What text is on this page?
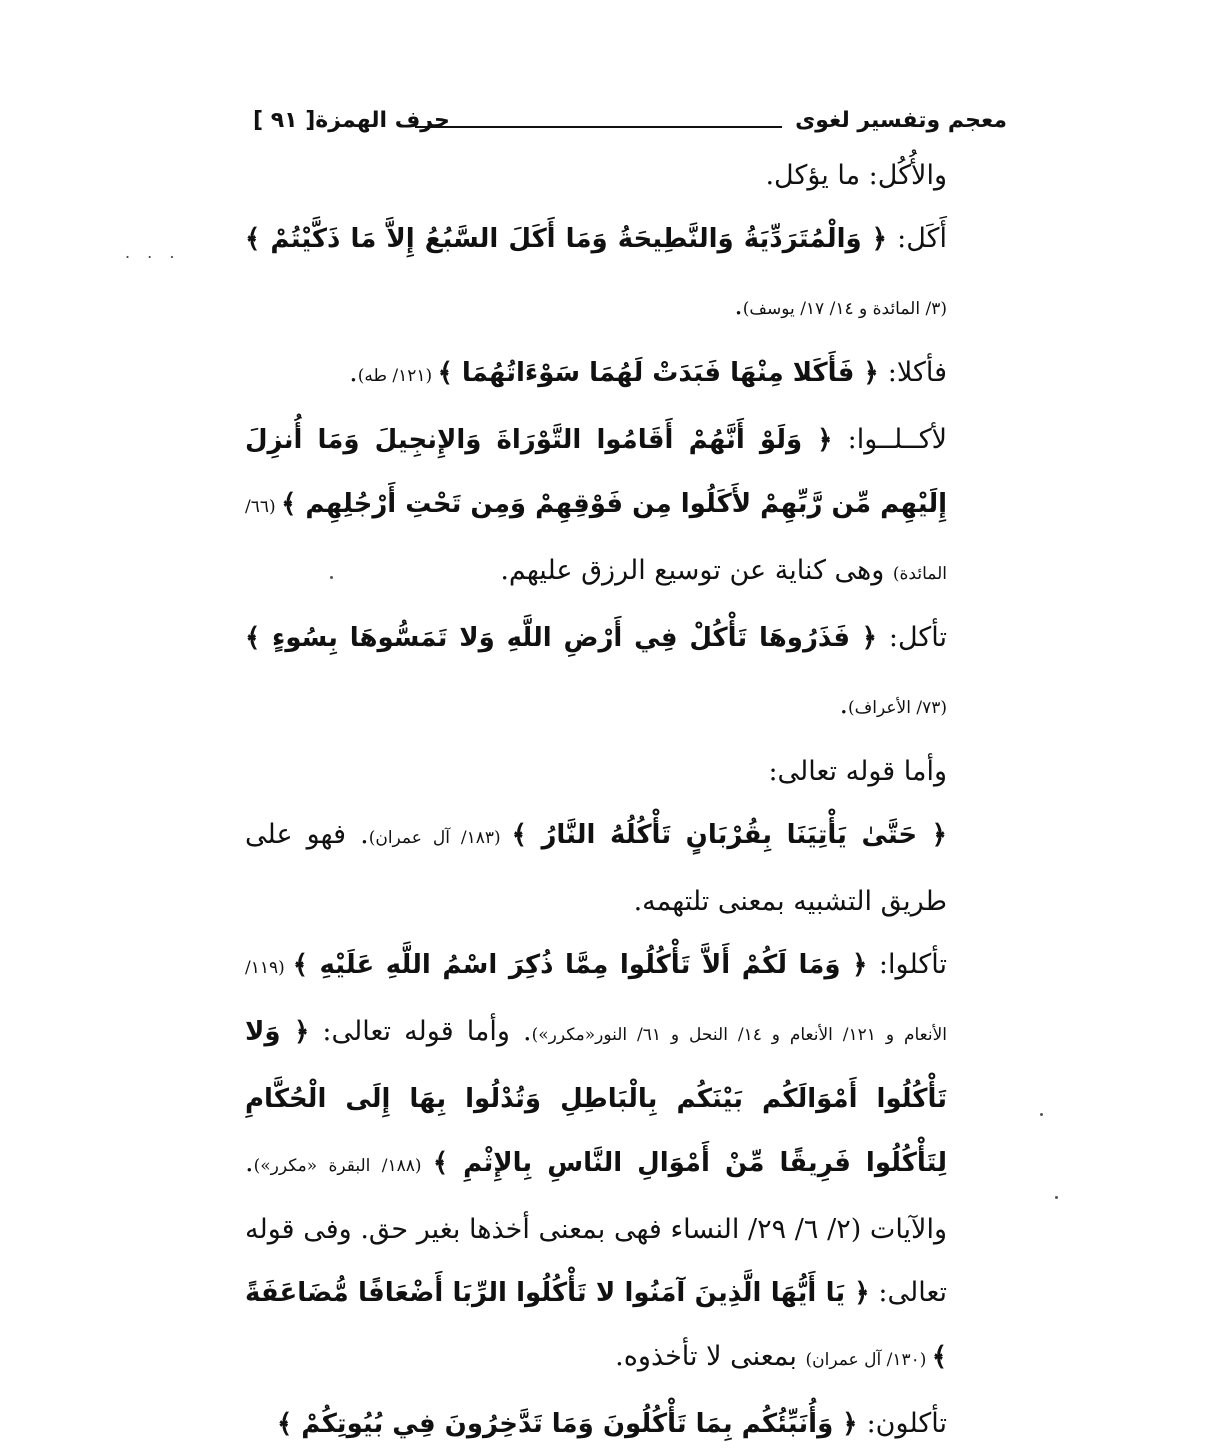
. . .
معجم وتفسير لغوى
حرف الهمزة[ ٩١ ]

والأُكُل: ما يؤكل.

أَكَل: ﴿ وَالْمُتَرَدِّيَةُ وَالنَّطِيحَةُ وَمَا أَكَلَ السَّبُعُ إِلاَّ مَا ذَكَّيْتُمْ ﴾ (٣/ المائدة و ١٤/ ١٧/ يوسف).

فأكلا: ﴿ فَأَكَلا مِنْهَا فَبَدَتْ لَهُمَا سَوْءَاتُهُمَا ﴾ (١٢١/ طه).

لأكــلــوا: ﴿ وَلَوْ أَنَّهُمْ أَقَامُوا التَّوْرَاةَ وَالإِنجِيلَ وَمَا أُنزِلَ إِلَيْهِم مِّن رَّبِّهِمْ لأَكَلُوا مِن فَوْقِهِمْ وَمِن تَحْتِ أَرْجُلِهِم ﴾ (٦٦/ المائدة) وهى كناية عن توسيع الرزق عليهم.

تأكل: ﴿ فَذَرُوهَا تَأْكُلْ فِي أَرْضِ اللَّهِ وَلا تَمَسُّوهَا بِسُوءٍ ﴾ (٧٣/ الأعراف).

وأما قوله تعالى:

﴿ حَتَّىٰ يَأْتِيَنَا بِقُرْبَانٍ تَأْكُلُهُ النَّارُ ﴾ (١٨٣/ آل عمران). فهو على طريق التشبيه بمعنى تلتهمه.

تأكلوا: ﴿ وَمَا لَكُمْ أَلاَّ تَأْكُلُوا مِمَّا ذُكِرَ اسْمُ اللَّهِ عَلَيْهِ ﴾ (١١٩/ الأنعام و ١٢١/ الأنعام و ١٤/ النحل و ٦١/ النور«مكرر»). وأما قوله تعالى: ﴿ وَلا تَأْكُلُوا أَمْوَالَكُم بَيْنَكُم بِالْبَاطِلِ وَتُدْلُوا بِهَا إِلَى الْحُكَّامِ لِتَأْكُلُوا فَرِيقًا مِّنْ أَمْوَالِ النَّاسِ بِالإِثْمِ ﴾ (١٨٨/ البقرة «مكرر»). والآيات (٢/ ٦/ ٢٩/ النساء فهى بمعنى أخذها بغير حق. وفى قوله تعالى: ﴿ يَا أَيُّهَا الَّذِينَ آمَنُوا لا تَأْكُلُوا الرِّبَا أَضْعَافًا مُّضَاعَفَةً ﴾ (١٣٠/ آل عمران) بمعنى لا تأخذوه.

تأكلون: ﴿ وَأُنَبِّئُكُم بِمَا تَأْكُلُونَ وَمَا تَدَّخِرُونَ فِي بُيُوتِكُمْ ﴾
